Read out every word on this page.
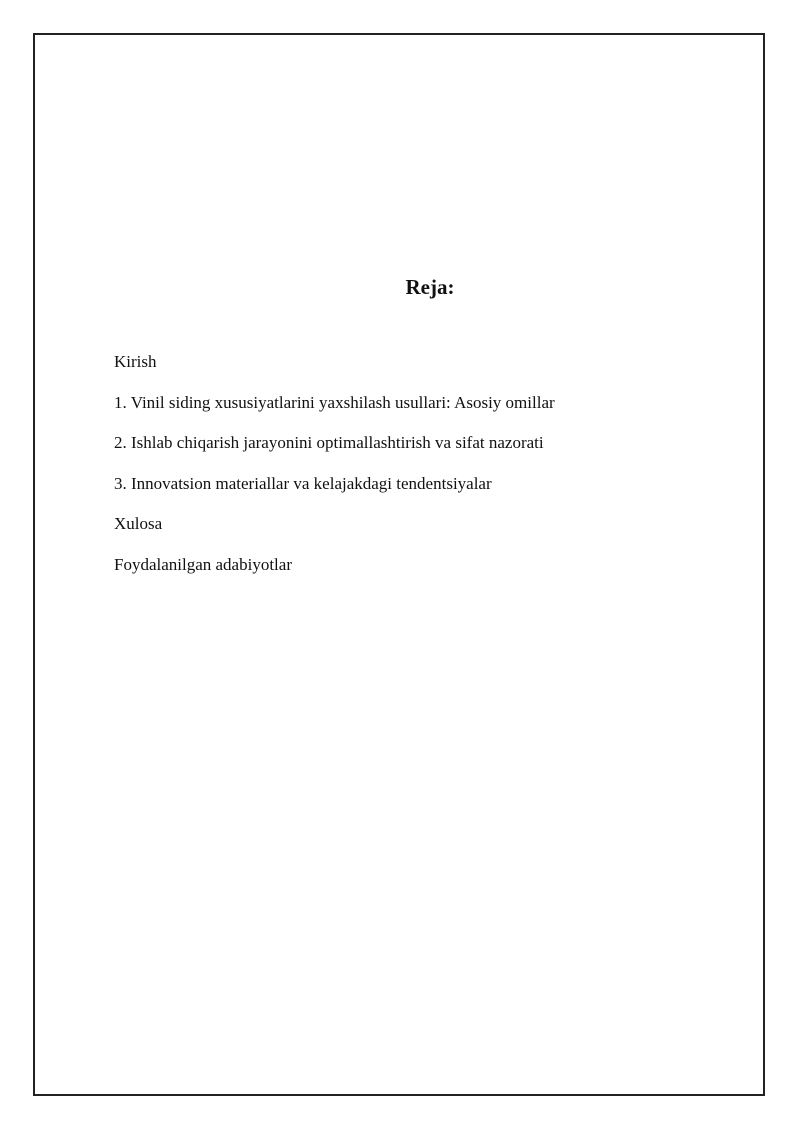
Reja:
Kirish
1. Vinil siding xususiyatlarini yaxshilash usullari: Asosiy omillar
2. Ishlab chiqarish jarayonini optimallashtirish va sifat nazorati
3. Innovatsion materiallar va kelajakdagi tendentsiyalar
Xulosa
Foydalanilgan adabiyotlar
